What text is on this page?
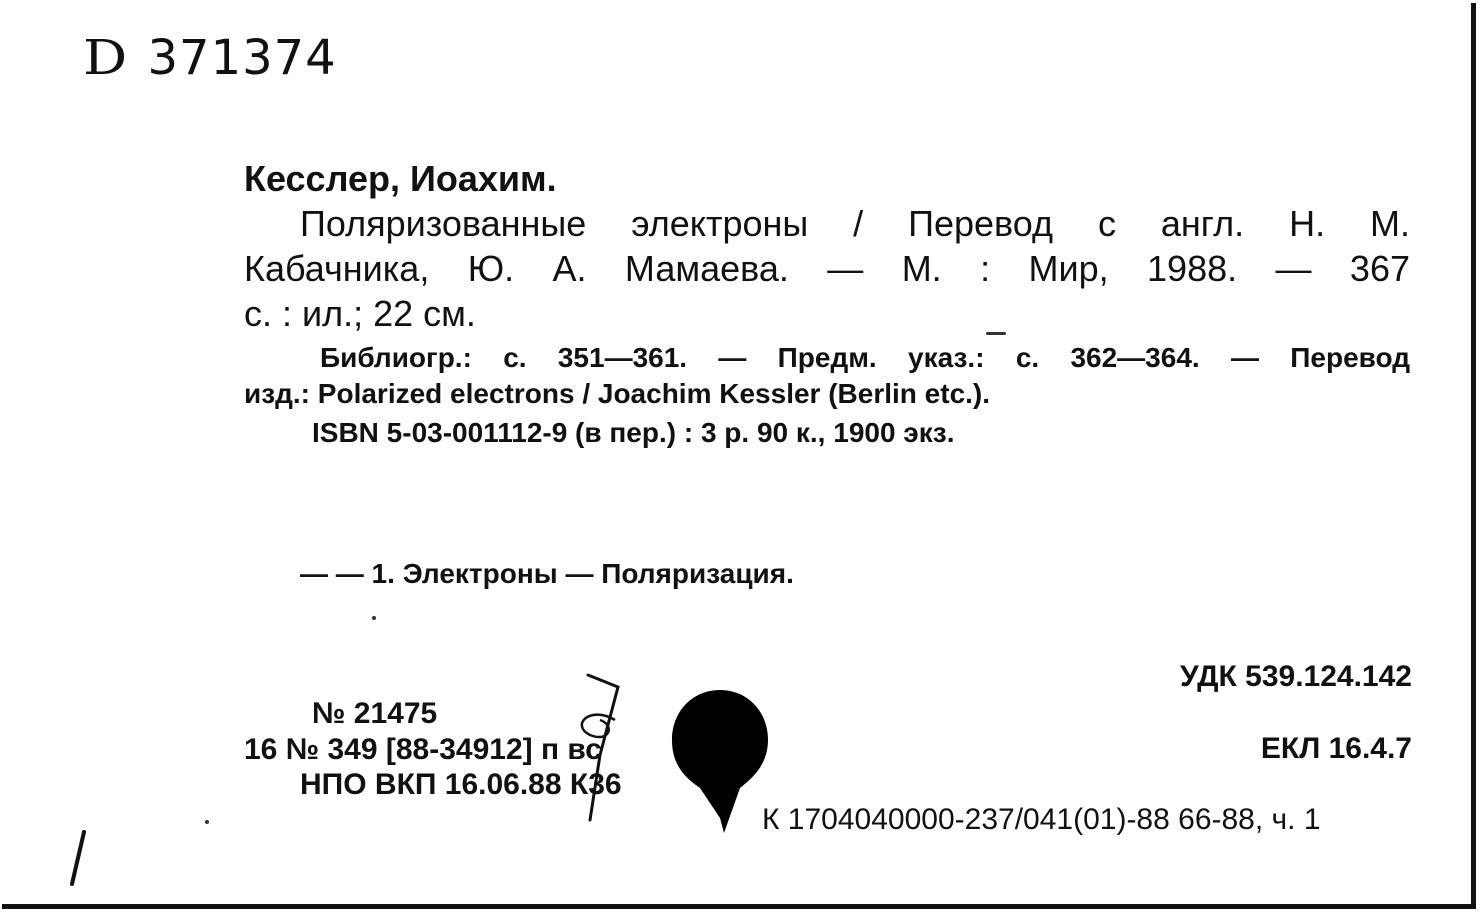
D 371374
Кесслер, Иоахим.
Поляризованные электроны / Перевод с англ. Н. М.
Кабачника, Ю. А. Мамаева. — М. : Мир, 1988. — 367
с. : ил.; 22 см.
Библиогр.: с. 351—361. — Предм. указ.: с. 362—364. — Перевод
изд.: Polarized electrons / Joachim Kessler (Berlin etc.).
ISBN 5-03-001112-9 (в пер.) : 3 р. 90 к., 1900 экз.
— — 1. Электроны — Поляризация.
УДК 539.124.142
ЕКЛ 16.4.7
№ 21475
16 № 349 [88-34912] п вс
НПО ВКП 16.06.88 К36
К 1704040000-237/041(01)-88 66-88, ч. 1
